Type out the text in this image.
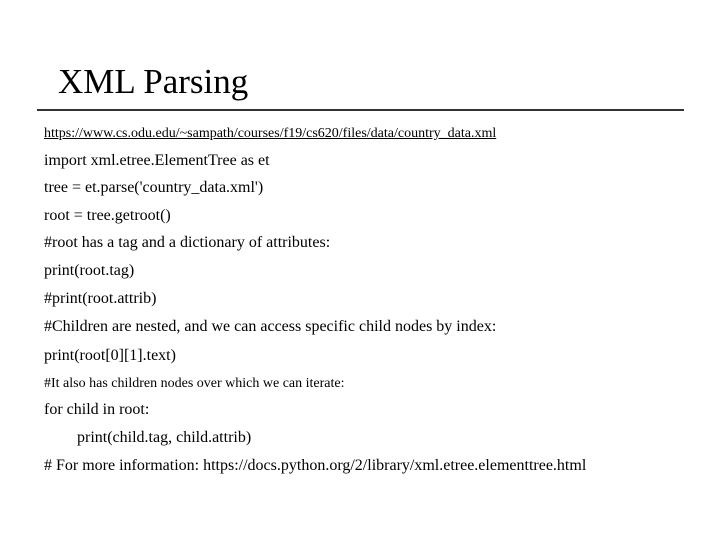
XML Parsing
https://www.cs.odu.edu/~sampath/courses/f19/cs620/files/data/country_data.xml
import xml.etree.ElementTree as et
tree = et.parse('country_data.xml')
root = tree.getroot()
#root has a tag and a dictionary of attributes:
print(root.tag)
#print(root.attrib)
#Children are nested, and we can access specific child nodes by index:
print(root[0][1].text)
#It also has children nodes over which we can iterate:
for child in root:
print(child.tag, child.attrib)
# For more information: https://docs.python.org/2/library/xml.etree.elementtree.html
